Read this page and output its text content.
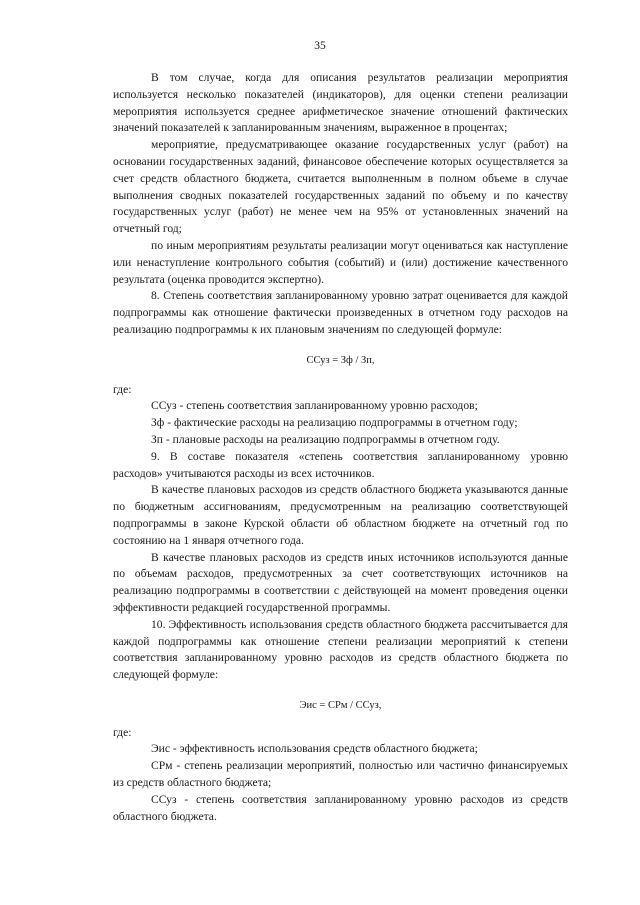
35

В том случае, когда для описания результатов реализации мероприятия используется несколько показателей (индикаторов), для оценки степени реализации мероприятия используется среднее арифметическое значение отношений фактических значений показателей к запланированным значениям, выраженное в процентах;

мероприятие, предусматривающее оказание государственных услуг (работ) на основании государственных заданий, финансовое обеспечение которых осуществляется за счет средств областного бюджета, считается выполненным в полном объеме в случае выполнения сводных показателей государственных заданий по объему и по качеству государственных услуг (работ) не менее чем на 95% от установленных значений на отчетный год;

по иным мероприятиям результаты реализации могут оцениваться как наступление или ненаступление контрольного события (событий) и (или) достижение качественного результата (оценка проводится экспертно).

8. Степень соответствия запланированному уровню затрат оценивается для каждой подпрограммы как отношение фактически произведенных в отчетном году расходов на реализацию подпрограммы к их плановым значениям по следующей формуле:

ССуз = Зф / Зп,

где:

ССуз - степень соответствия запланированному уровню расходов;

Зф - фактические расходы на реализацию подпрограммы в отчетном году;

Зп - плановые расходы на реализацию подпрограммы в отчетном году.

9. В составе показателя «степень соответствия запланированному уровню расходов» учитываются расходы из всех источников.

В качестве плановых расходов из средств областного бюджета указываются данные по бюджетным ассигнованиям, предусмотренным на реализацию соответствующей подпрограммы в законе Курской области об областном бюджете на отчетный год по состоянию на 1 января отчетного года.

В качестве плановых расходов из средств иных источников используются данные по объемам расходов, предусмотренных за счет соответствующих источников на реализацию подпрограммы в соответствии с действующей на момент проведения оценки эффективности редакцией государственной программы.

10. Эффективность использования средств областного бюджета рассчитывается для каждой подпрограммы как отношение степени реализации мероприятий к степени соответствия запланированному уровню расходов из средств областного бюджета по следующей формуле:

Эис = СРм / ССуз,

где:

Эис - эффективность использования средств областного бюджета;

СРм - степень реализации мероприятий, полностью или частично финансируемых из средств областного бюджета;

ССуз - степень соответствия запланированному уровню расходов из средств областного бюджета.
